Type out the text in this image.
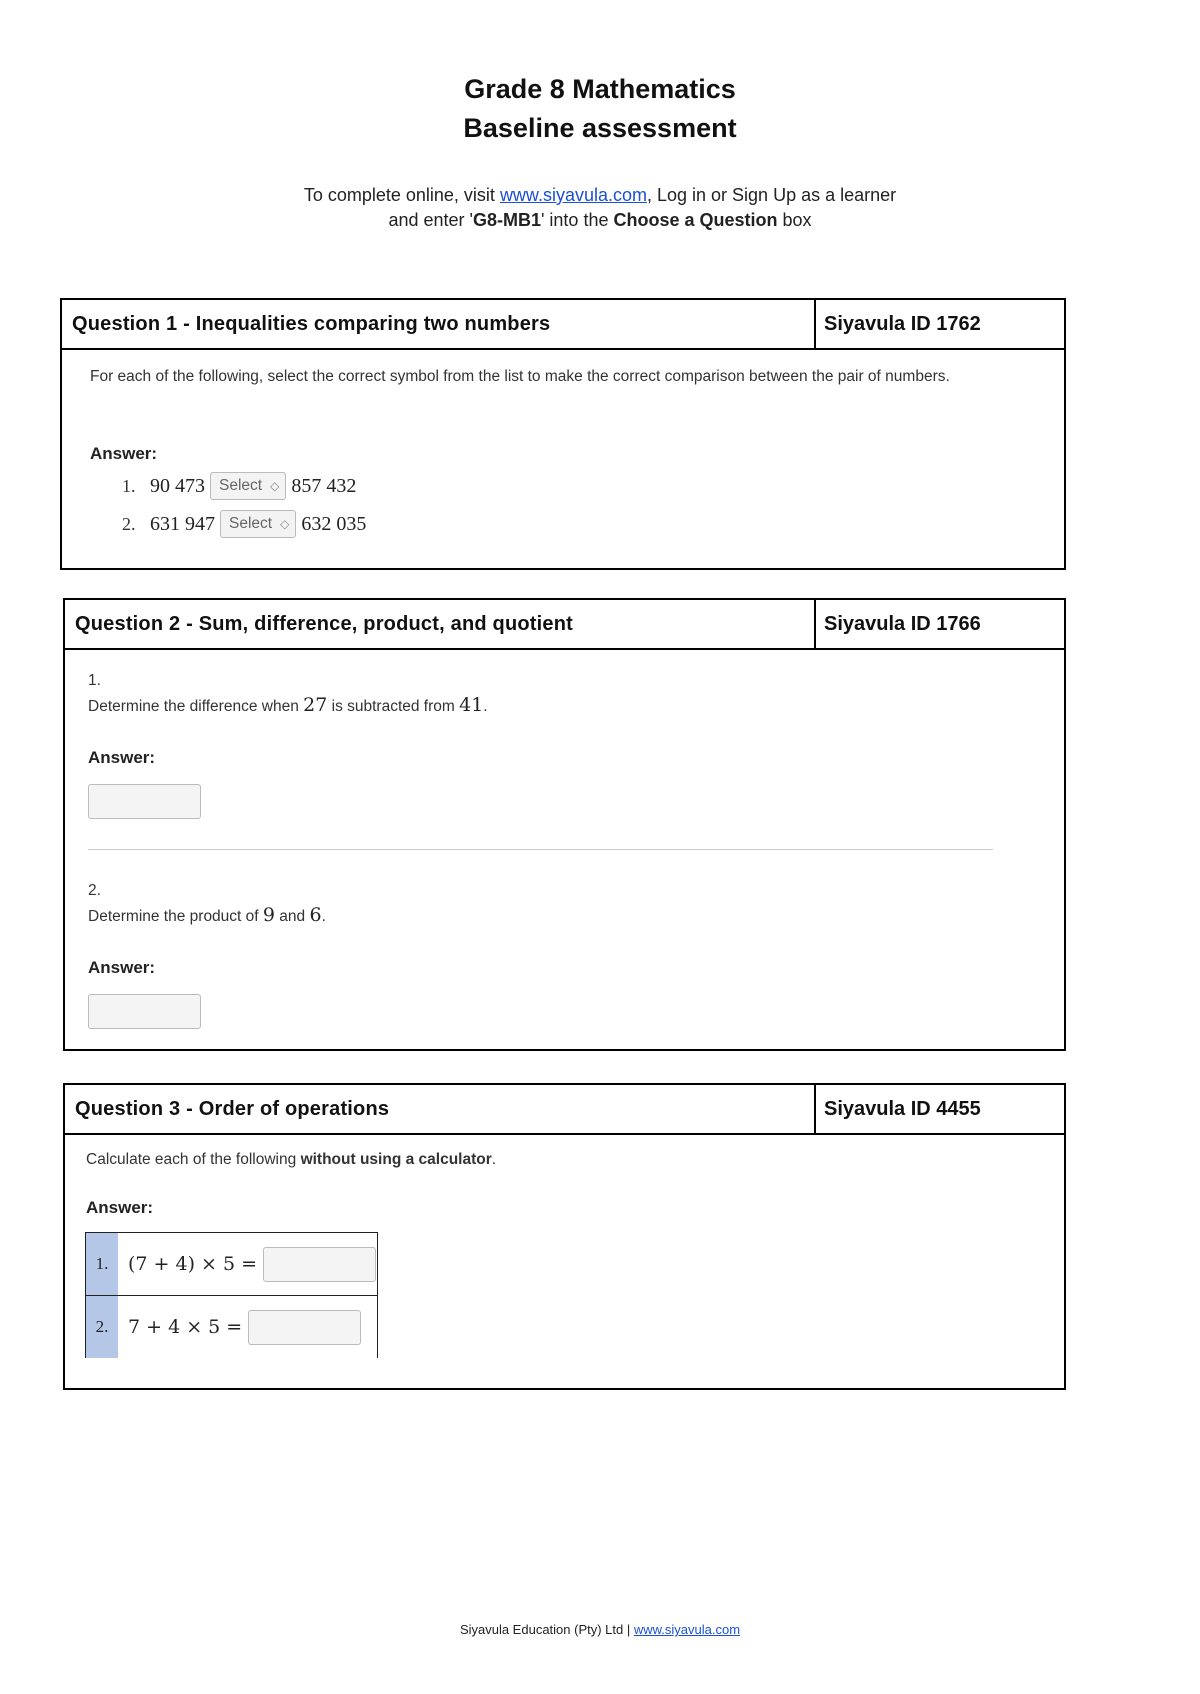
Grade 8 Mathematics
Baseline assessment
To complete online, visit www.siyavula.com, Log in or Sign Up as a learner
and enter 'G8-MB1' into the Choose a Question box
Question 1 - Inequalities comparing two numbers	Siyavula ID 1762
For each of the following, select the correct symbol from the list to make the correct comparison between the pair of numbers.
Answer:
1. 90 473 Select ◇ 857 432
2. 631 947 Select ◇ 632 035
Question 2 - Sum, difference, product, and quotient	Siyavula ID 1766
1.
Determine the difference when 27 is subtracted from 41.
Answer:
2.
Determine the product of 9 and 6.
Answer:
Question 3 - Order of operations	Siyavula ID 4455
Calculate each of the following without using a calculator.
Answer:
1.	(7 + 4) × 5 =
2.	7 + 4 × 5 =
Siyavula Education (Pty) Ltd | www.siyavula.com
